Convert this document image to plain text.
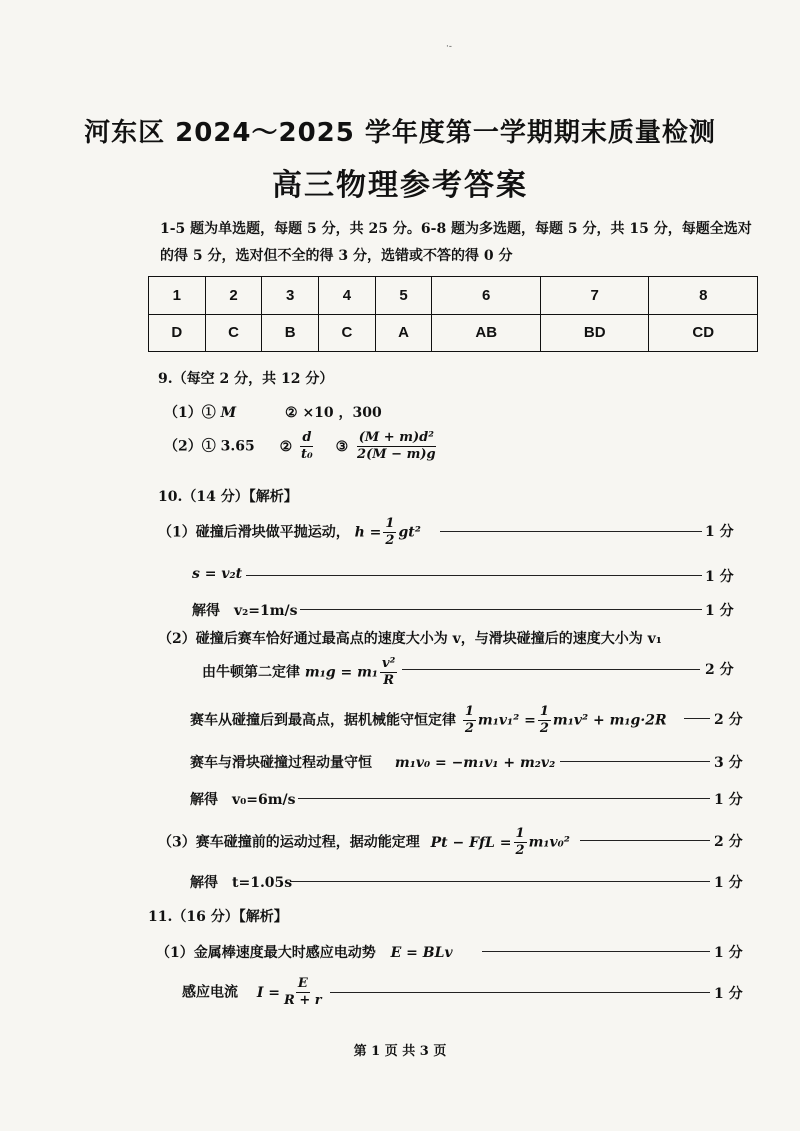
·-
河东区 2024～2025 学年度第一学期期末质量检测
高三物理参考答案
1-5 题为单选题，每题 5 分，共 25 分。6-8 题为多选题，每题 5 分，共 15 分，每题全选对的得 5 分，选对但不全的得 3 分，选错或不答的得 0 分
1	2	3	4	5	6	7	8
D	C	B	C	A	AB	BD	CD
9.（每空 2 分，共 12 分）
（1）① M	② ×10 ，300
（2）① 3.65 ② $\frac{d}{\text{t₀}}$ ③ $\frac{\text{(M + m)d²}}{2(M - m)g}$
10.（14 分）【解析】
（1）碰撞后滑块做平抛运动， $h = \frac{1}{2} gt^2$	1 分
s = v₂t	1 分
解得　v₂=1m/s	1 分
（2）碰撞后赛车恰好通过最高点的速度大小为 v，与滑块碰撞后的速度大小为 v₁
由牛顿第二定律 $m_1g = m_1 \frac{\text{v²}}{R}$	2 分
赛车从碰撞后到最高点，据机械能守恒定律 $\frac{1}{2} m_1v_1^2 = \frac{1}{2} m_1v^2 + m_1g\cdot 2R$	2 分
赛车与滑块碰撞过程动量守恒 m₁v₀ = −m₁v₁ + m₂v₂	3 分
解得　v₀=6m/s	1 分
（3）赛车碰撞前的运动过程，据动能定理 Pt − FfL = $\frac{1}{2} m_1v_0^2$	2 分
解得　t=1.05s	1 分
11.（16 分）【解析】
（1）金属棒速度最大时感应电动势 E = BLv	1 分
感应电流 $I = \frac{E}{R + r}$	1 分
第 1 页 共 3 页
